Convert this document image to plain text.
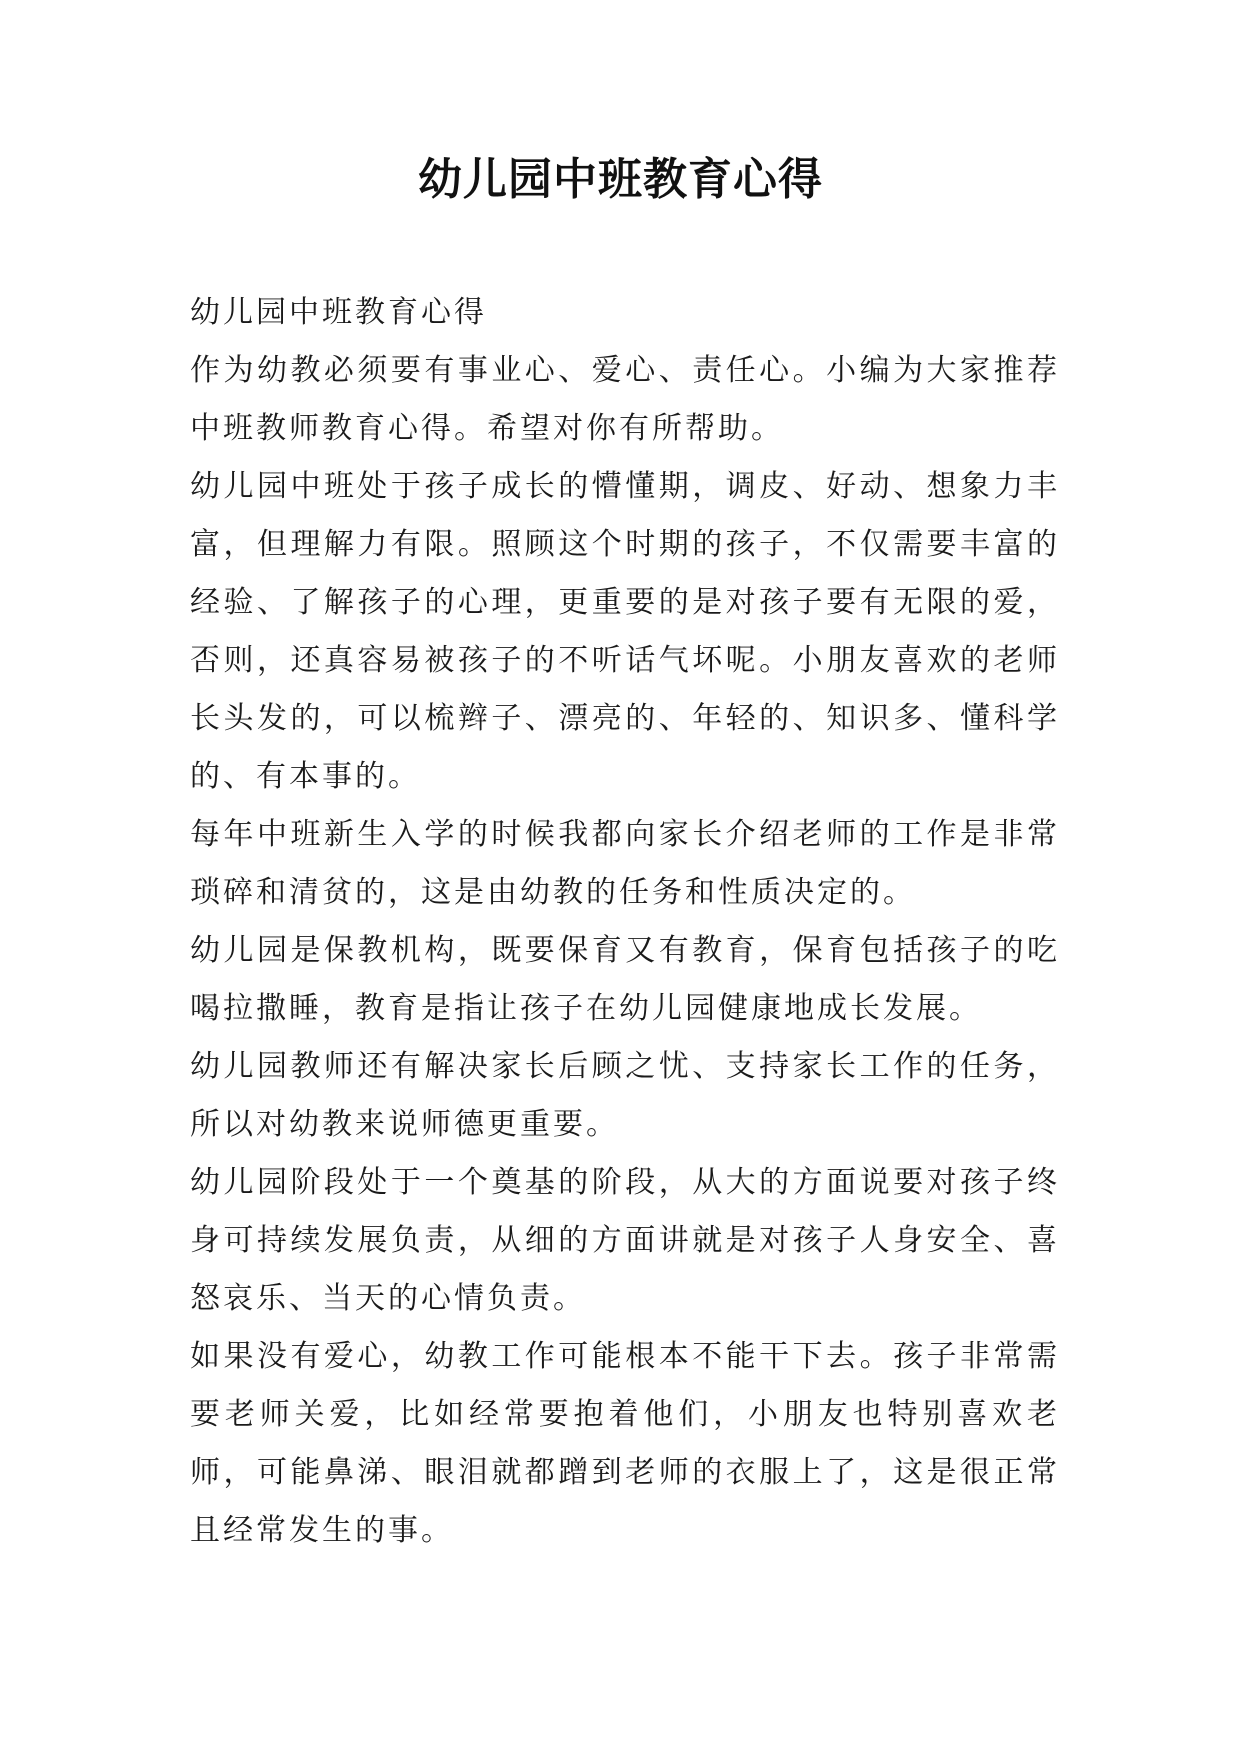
幼儿园中班教育心得

幼儿园中班教育心得

作为幼教必须要有事业心、爱心、责任心。小编为大家推荐中班教师教育心得。希望对你有所帮助。

幼儿园中班处于孩子成长的懵懂期，调皮、好动、想象力丰富，但理解力有限。照顾这个时期的孩子，不仅需要丰富的经验、了解孩子的心理，更重要的是对孩子要有无限的爱，否则，还真容易被孩子的不听话气坏呢。小朋友喜欢的老师长头发的，可以梳辫子、漂亮的、年轻的、知识多、懂科学的、有本事的。

每年中班新生入学的时候我都向家长介绍老师的工作是非常琐碎和清贫的，这是由幼教的任务和性质决定的。

幼儿园是保教机构，既要保育又有教育，保育包括孩子的吃喝拉撒睡，教育是指让孩子在幼儿园健康地成长发展。

幼儿园教师还有解决家长后顾之忧、支持家长工作的任务，所以对幼教来说师德更重要。

幼儿园阶段处于一个奠基的阶段，从大的方面说要对孩子终身可持续发展负责，从细的方面讲就是对孩子人身安全、喜怒哀乐、当天的心情负责。

如果没有爱心，幼教工作可能根本不能干下去。孩子非常需要老师关爱，比如经常要抱着他们，小朋友也特别喜欢老师，可能鼻涕、眼泪就都蹭到老师的衣服上了，这是很正常且经常发生的事。
